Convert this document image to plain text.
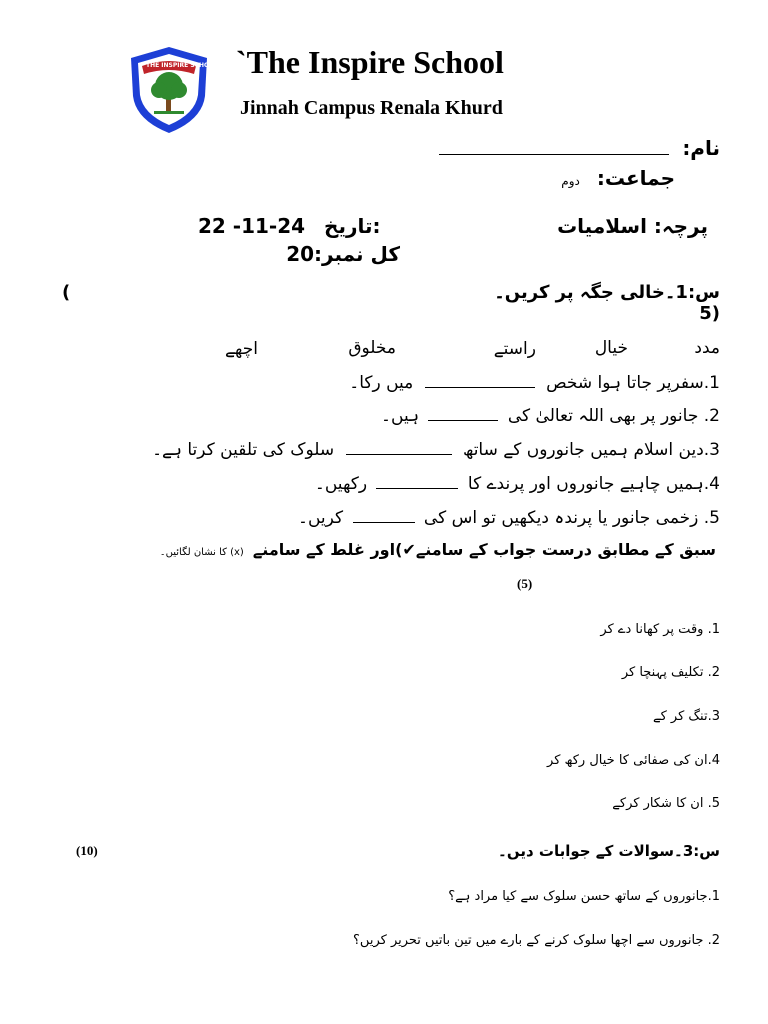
THE INSPIRE SCHOOL `The Inspire School
Jinnah Campus Renala Khurd
نام:
جماعت: دوم
پرچہ: اسلامیات
22 -11-24 تاریخ:
کل نمبر:20
س:1۔خالی جگہ پر کریں۔
(
5)
مدد
خیال
راستے
مخلوق
اچھے
1.سفرپر جاتا ہوا شخص  میں رکا۔
2. جانور پر بھی اللہ تعالیٰ کی  ہیں۔
3.دین اسلام ہمیں جانوروں کے ساتھ  سلوک کی تلقین کرتا ہے۔
4.ہمیں چاہیے جانوروں اور پرندے کا  رکھیں۔
5. زخمی جانور یا پرندہ دیکھیں تو اس کی  کریں۔
سبق کے مطابق درست جواب کے سامنے✔)اور غلط کے سامنے (x) کا نشان لگائیں۔
(5)
1. وقت پر کھانا دے کر
2. تکلیف پہنچا کر
3.تنگ کر کے
4.ان کی صفائی کا خیال رکھ کر
5. ان کا شکار کرکے
س:3۔سوالات کے جوابات دیں۔
(10)
1.جانوروں کے ساتھ حسن سلوک سے کیا مراد ہے؟
2. جانوروں سے اچھا سلوک کرنے کے بارے میں تین باتیں تحریر کریں؟
